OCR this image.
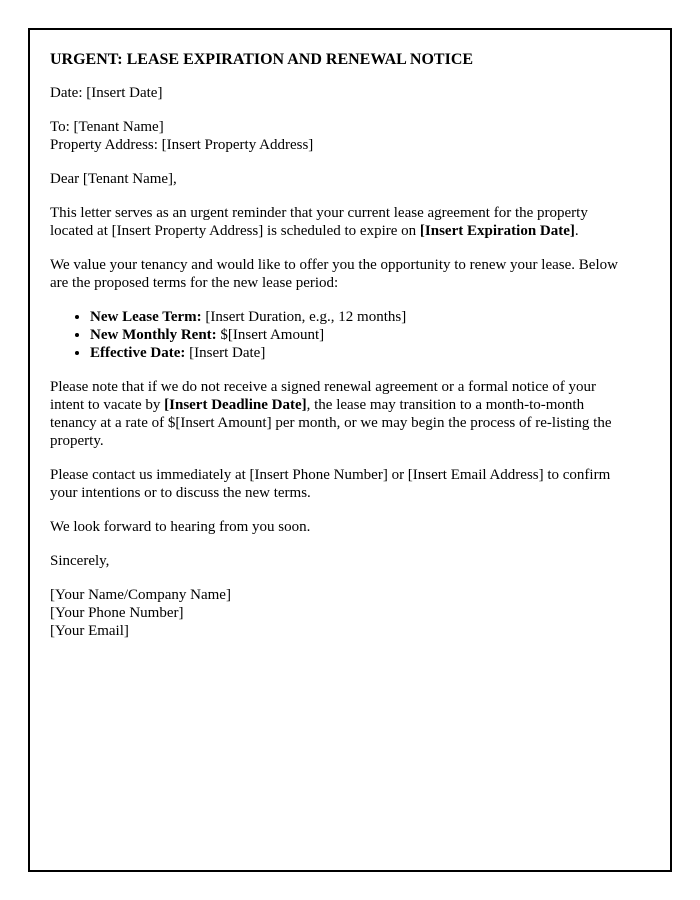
URGENT: LEASE EXPIRATION AND RENEWAL NOTICE

Date: [Insert Date]

To: [Tenant Name]
Property Address: [Insert Property Address]

Dear [Tenant Name],

This letter serves as an urgent reminder that your current lease agreement for the property located at [Insert Property Address] is scheduled to expire on [Insert Expiration Date].

We value your tenancy and would like to offer you the opportunity to renew your lease. Below are the proposed terms for the new lease period:

• New Lease Term: [Insert Duration, e.g., 12 months]
• New Monthly Rent: $[Insert Amount]
• Effective Date: [Insert Date]

Please note that if we do not receive a signed renewal agreement or a formal notice of your intent to vacate by [Insert Deadline Date], the lease may transition to a month-to-month tenancy at a rate of $[Insert Amount] per month, or we may begin the process of re-listing the property.

Please contact us immediately at [Insert Phone Number] or [Insert Email Address] to confirm your intentions or to discuss the new terms.

We look forward to hearing from you soon.

Sincerely,

[Your Name/Company Name]
[Your Phone Number]
[Your Email]
